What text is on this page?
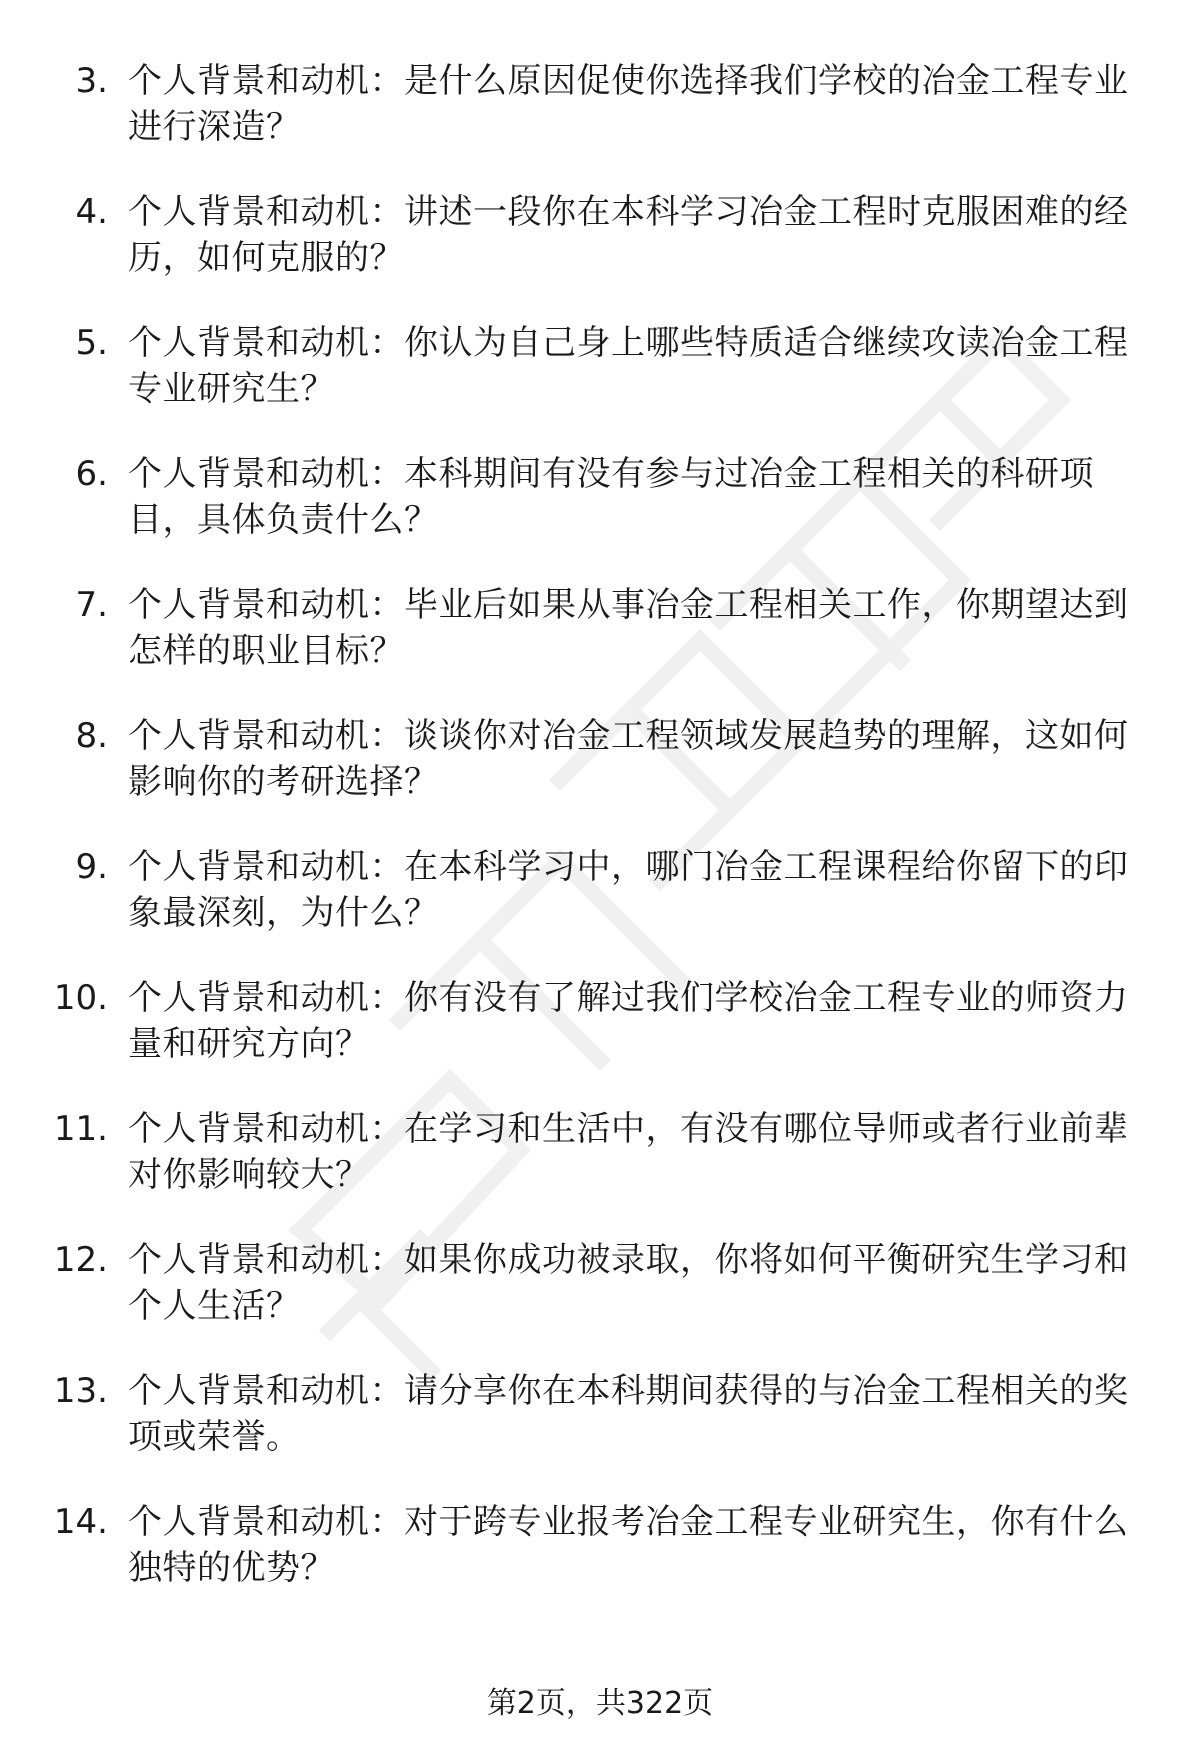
3. 个人背景和动机：是什么原因促使你选择我们学校的冶金工程专业进行深造？
4. 个人背景和动机：讲述一段你在本科学习冶金工程时克服困难的经历，如何克服的？
5. 个人背景和动机：你认为自己身上哪些特质适合继续攻读冶金工程专业研究生？
6. 个人背景和动机：本科期间有没有参与过冶金工程相关的科研项目，具体负责什么？
7. 个人背景和动机：毕业后如果从事冶金工程相关工作，你期望达到怎样的职业目标？
8. 个人背景和动机：谈谈你对冶金工程领域发展趋势的理解，这如何影响你的考研选择？
9. 个人背景和动机：在本科学习中，哪门冶金工程课程给你留下的印象最深刻，为什么？
10. 个人背景和动机：你有没有了解过我们学校冶金工程专业的师资力量和研究方向？
11. 个人背景和动机：在学习和生活中，有没有哪位导师或者行业前辈对你影响较大？
12. 个人背景和动机：如果你成功被录取，你将如何平衡研究生学习和个人生活？
13. 个人背景和动机：请分享你在本科期间获得的与冶金工程相关的奖项或荣誉。
14. 个人背景和动机：对于跨专业报考冶金工程专业研究生，你有什么独特的优势？
第2页，共322页
